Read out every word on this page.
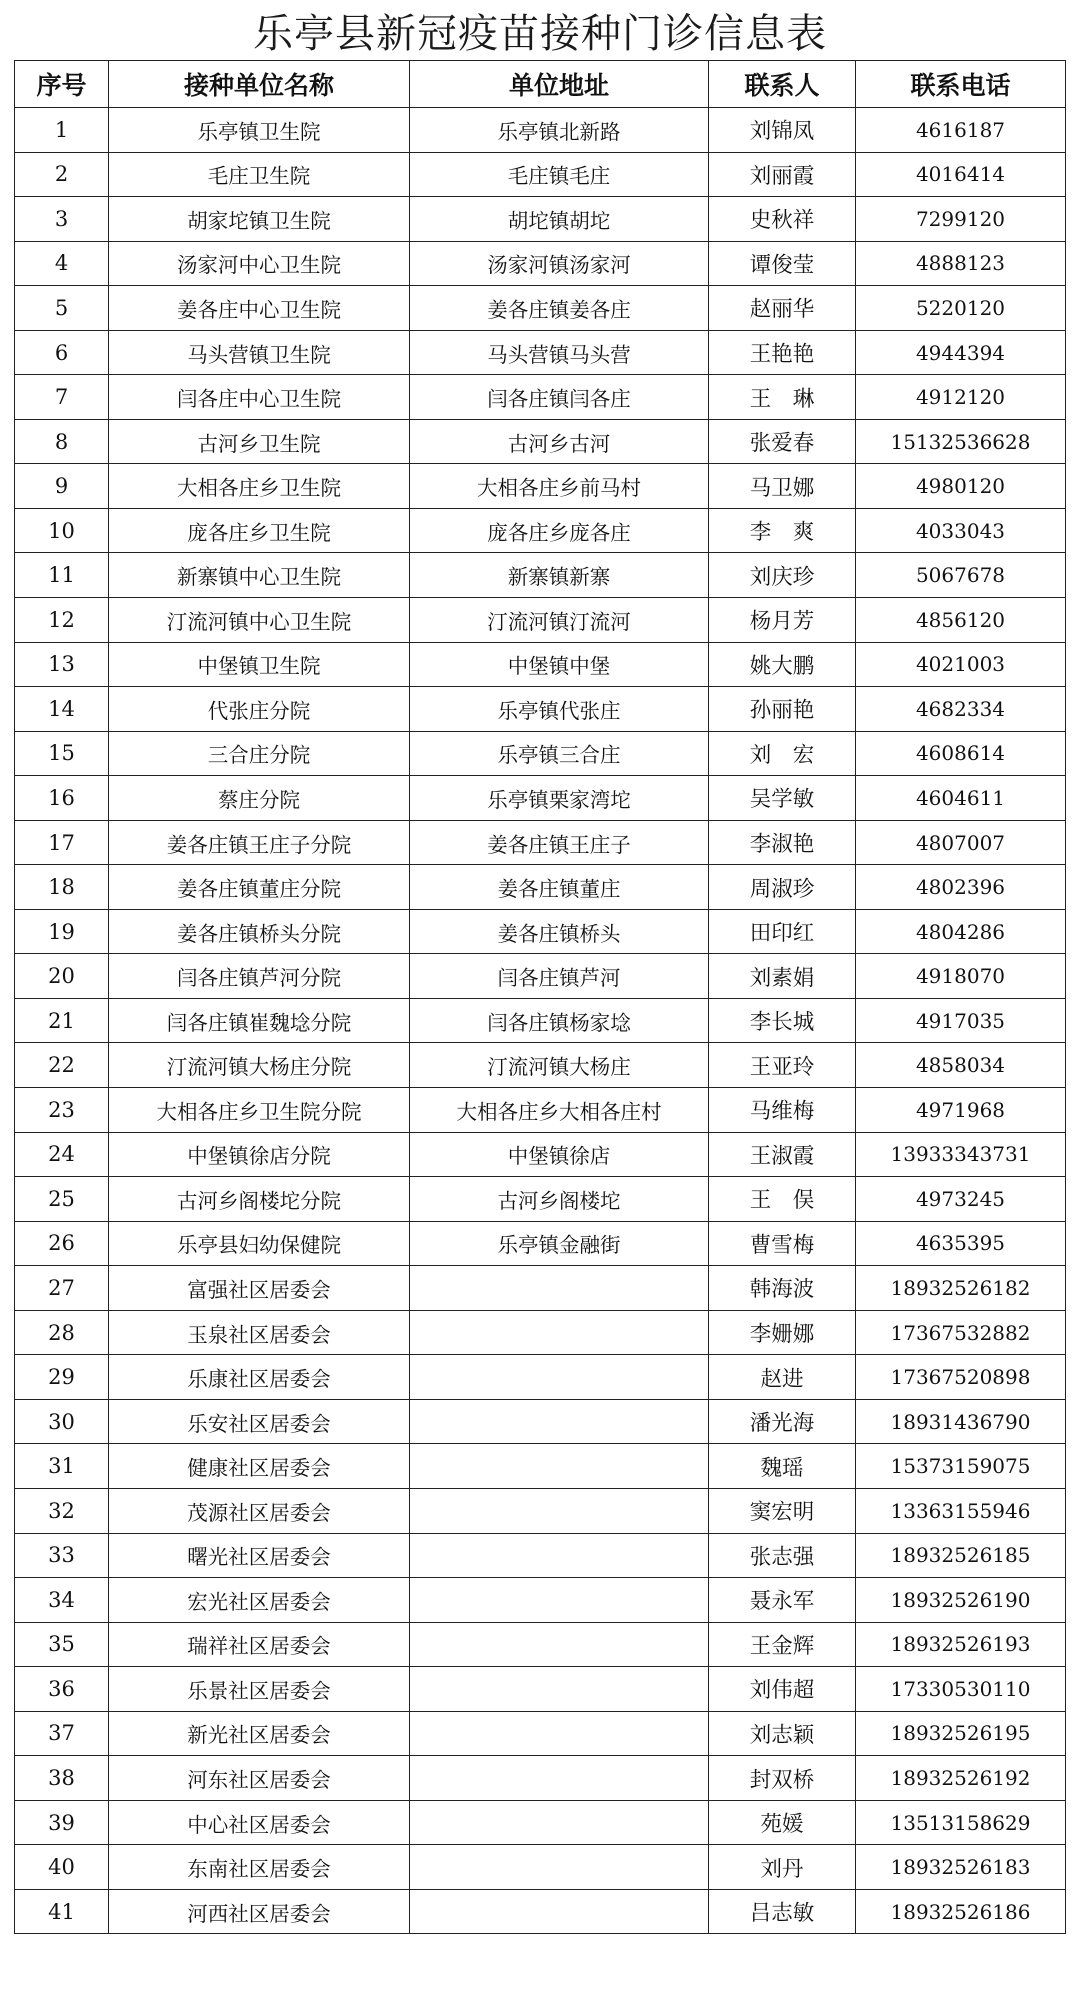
乐亭县新冠疫苗接种门诊信息表
序号	接种单位名称	单位地址	联系人	联系电话
1	乐亭镇卫生院	乐亭镇北新路	刘锦凤	4616187
2	毛庄卫生院	毛庄镇毛庄	刘丽霞	4016414
3	胡家坨镇卫生院	胡坨镇胡坨	史秋祥	7299120
4	汤家河中心卫生院	汤家河镇汤家河	谭俊莹	4888123
5	姜各庄中心卫生院	姜各庄镇姜各庄	赵丽华	5220120
6	马头营镇卫生院	马头营镇马头营	王艳艳	4944394
7	闫各庄中心卫生院	闫各庄镇闫各庄	王　琳	4912120
8	古河乡卫生院	古河乡古河	张爱春	15132536628
9	大相各庄乡卫生院	大相各庄乡前马村	马卫娜	4980120
10	庞各庄乡卫生院	庞各庄乡庞各庄	李　爽	4033043
11	新寨镇中心卫生院	新寨镇新寨	刘庆珍	5067678
12	汀流河镇中心卫生院	汀流河镇汀流河	杨月芳	4856120
13	中堡镇卫生院	中堡镇中堡	姚大鹏	4021003
14	代张庄分院	乐亭镇代张庄	孙丽艳	4682334
15	三合庄分院	乐亭镇三合庄	刘　宏	4608614
16	蔡庄分院	乐亭镇栗家湾坨	吴学敏	4604611
17	姜各庄镇王庄子分院	姜各庄镇王庄子	李淑艳	4807007
18	姜各庄镇董庄分院	姜各庄镇董庄	周淑珍	4802396
19	姜各庄镇桥头分院	姜各庄镇桥头	田印红	4804286
20	闫各庄镇芦河分院	闫各庄镇芦河	刘素娟	4918070
21	闫各庄镇崔魏埝分院	闫各庄镇杨家埝	李长城	4917035
22	汀流河镇大杨庄分院	汀流河镇大杨庄	王亚玲	4858034
23	大相各庄乡卫生院分院	大相各庄乡大相各庄村	马维梅	4971968
24	中堡镇徐店分院	中堡镇徐店	王淑霞	13933343731
25	古河乡阁楼坨分院	古河乡阁楼坨	王　俣	4973245
26	乐亭县妇幼保健院	乐亭镇金融街	曹雪梅	4635395
27	富强社区居委会		韩海波	18932526182
28	玉泉社区居委会		李姗娜	17367532882
29	乐康社区居委会		赵进	17367520898
30	乐安社区居委会		潘光海	18931436790
31	健康社区居委会		魏瑶	15373159075
32	茂源社区居委会		窦宏明	13363155946
33	曙光社区居委会		张志强	18932526185
34	宏光社区居委会		聂永军	18932526190
35	瑞祥社区居委会		王金辉	18932526193
36	乐景社区居委会		刘伟超	17330530110
37	新光社区居委会		刘志颖	18932526195
38	河东社区居委会		封双桥	18932526192
39	中心社区居委会		苑媛	13513158629
40	东南社区居委会		刘丹	18932526183
41	河西社区居委会		吕志敏	18932526186
